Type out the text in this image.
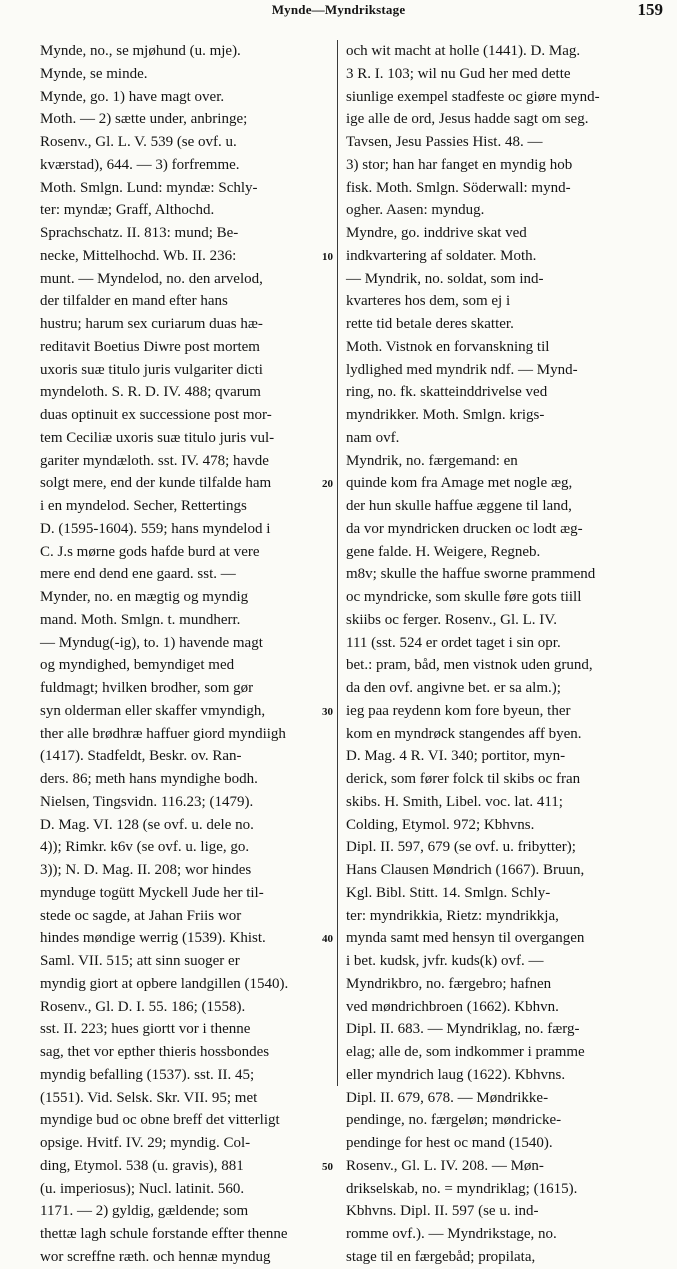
Mynde—Myndrikstage	159
Mynde, no., se mjøhund (u. mje).
Mynde, se minde.
Mynde, go. 1) have magt over.
Moth. — 2) sætte under, anbringe;
Rosenv., Gl. L. V. 539 (se ovf. u.
kværstad), 644. — 3) forfremme.
Moth. Smlgn. Lund: myndæ: Schly-
ter: myndæ; Graff, Althochd.
Sprachschatz. II. 813: mund; Be-
necke, Mittelhochd. Wb. II. 236:
munt. — Myndelod, no. den arvelod,
der tilfalder en mand efter hans
hustru; harum sex curiarum duas hæ-
reditavit Boetius Diwre post mortem
uxoris suæ titulo juris vulgariter dicti
myndeloth. S. R. D. IV. 488; qvarum
duas optinuit ex successione post mor-
tem Ceciliæ uxoris suæ titulo juris vul-
gariter myndæloth. sst. IV. 478; havde
solgt mere, end der kunde tilfalde ham
i en myndelod. Secher, Rettertings
D. (1595-1604). 559; hans myndelod i
C. J.s mørne gods hafde burd at vere
mere end dend ene gaard. sst. —
Mynder, no. en mægtig og myndig
mand. Moth. Smlgn. t. mundherr.
— Myndug(-ig), to. 1) havende magt
og myndighed, bemyndiget med
fuldmagt; hvilken brodher, som gør
syn olderman eller skaffer vmyndigh,
ther alle brødhræ haffuer giord myndiigh
(1417). Stadfeldt, Beskr. ov. Ran-
ders. 86; meth hans myndighe bodh.
Nielsen, Tingsvidn. 116.23; (1479).
D. Mag. VI. 128 (se ovf. u. dele no.
4)); Rimkr. k6v (se ovf. u. lige, go.
3)); N. D. Mag. II. 208; wor hindes
mynduge togütt Myckell Jude her til-
stede oc sagde, at Jahan Friis wor
hindes møndige werrig (1539). Khist.
Saml. VII. 515; att sinn suoger er
myndig giort at opbere landgillen (1540).
Rosenv., Gl. D. I. 55. 186; (1558).
sst. II. 223; hues giortt vor i thenne
sag, thet vor epther thieris hossbondes
myndig befalling (1537). sst. II. 45;
(1551). Vid. Selsk. Skr. VII. 95; met
myndige bud oc obne breff det vitterligt
opsige. Hvitf. IV. 29; myndig. Col-
ding, Etymol. 538 (u. gravis), 881
(u. imperiosus); Nucl. latinit. 560.
1171. — 2) gyldig, gældende; som
thettæ lagh schule forstande effter thenne
wor screffne ræth. och hennæ myndug
10
20
30
40
50
och wit macht at holle (1441). D. Mag.
3 R. I. 103; wil nu Gud her med dette
siunlige exempel stadfeste oc giøre mynd-
ige alle de ord, Jesus hadde sagt om seg.
Tavsen, Jesu Passies Hist. 48. —
3) stor; han har fanget en myndig hob
fisk. Moth. Smlgn. Söderwall: mynd-
ogher. Aasen: myndug.
Myndre, go. inddrive skat ved
indkvartering af soldater. Moth.
— Myndrik, no. soldat, som ind-
kvarteres hos dem, som ej i
rette tid betale deres skatter.
Moth. Vistnok en forvanskning til
lydlighed med myndrik ndf. — Mynd-
ring, no. fk. skatteinddrivelse ved
myndrikker. Moth. Smlgn. krigs-
nam ovf.
Myndrik, no. færgemand: en
quinde kom fra Amage met nogle æg,
der hun skulle haffue æggene til land,
da vor myndricken drucken oc lodt æg-
gene falde. H. Weigere, Regneb.
m8v; skulle the haffue sworne prammend
oc myndricke, som skulle føre gots tiill
skiibs oc ferger. Rosenv., Gl. L. IV.
111 (sst. 524 er ordet taget i sin opr.
bet.: pram, båd, men vistnok uden grund,
da den ovf. angivne bet. er sa alm.);
ieg paa reydenn kom fore byeun, ther
kom en myndrøck stangendes aff byen.
D. Mag. 4 R. VI. 340; portitor, myn-
derick, som fører folck til skibs oc fran
skibs. H. Smith, Libel. voc. lat. 411;
Colding, Etymol. 972; Kbhvns.
Dipl. II. 597, 679 (se ovf. u. fribytter);
Hans Clausen Møndrich (1667). Bruun,
Kgl. Bibl. Stitt. 14. Smlgn. Schly-
ter: myndrikkia, Rietz: myndrikkja,
mynda samt med hensyn til overgangen
i bet. kudsk, jvfr. kuds(k) ovf. —
Myndrikbro, no. færgebro; hafnen
ved møndrichbroen (1662). Kbhvn.
Dipl. II. 683. — Myndriklag, no. færg-
elag; alle de, som indkommer i pramme
eller myndrich laug (1622). Kbhvns.
Dipl. II. 679, 678. — Møndrikke-
pendinge, no. færgeløn; møndricke-
pendinge for hest oc mand (1540).
Rosenv., Gl. L. IV. 208. — Møn-
drikselskab, no. = myndriklag; (1615).
Kbhvns. Dipl. II. 597 (se u. ind-
romme ovf.). — Myndrikstage, no.
stage til en færgebåd; propilata,
